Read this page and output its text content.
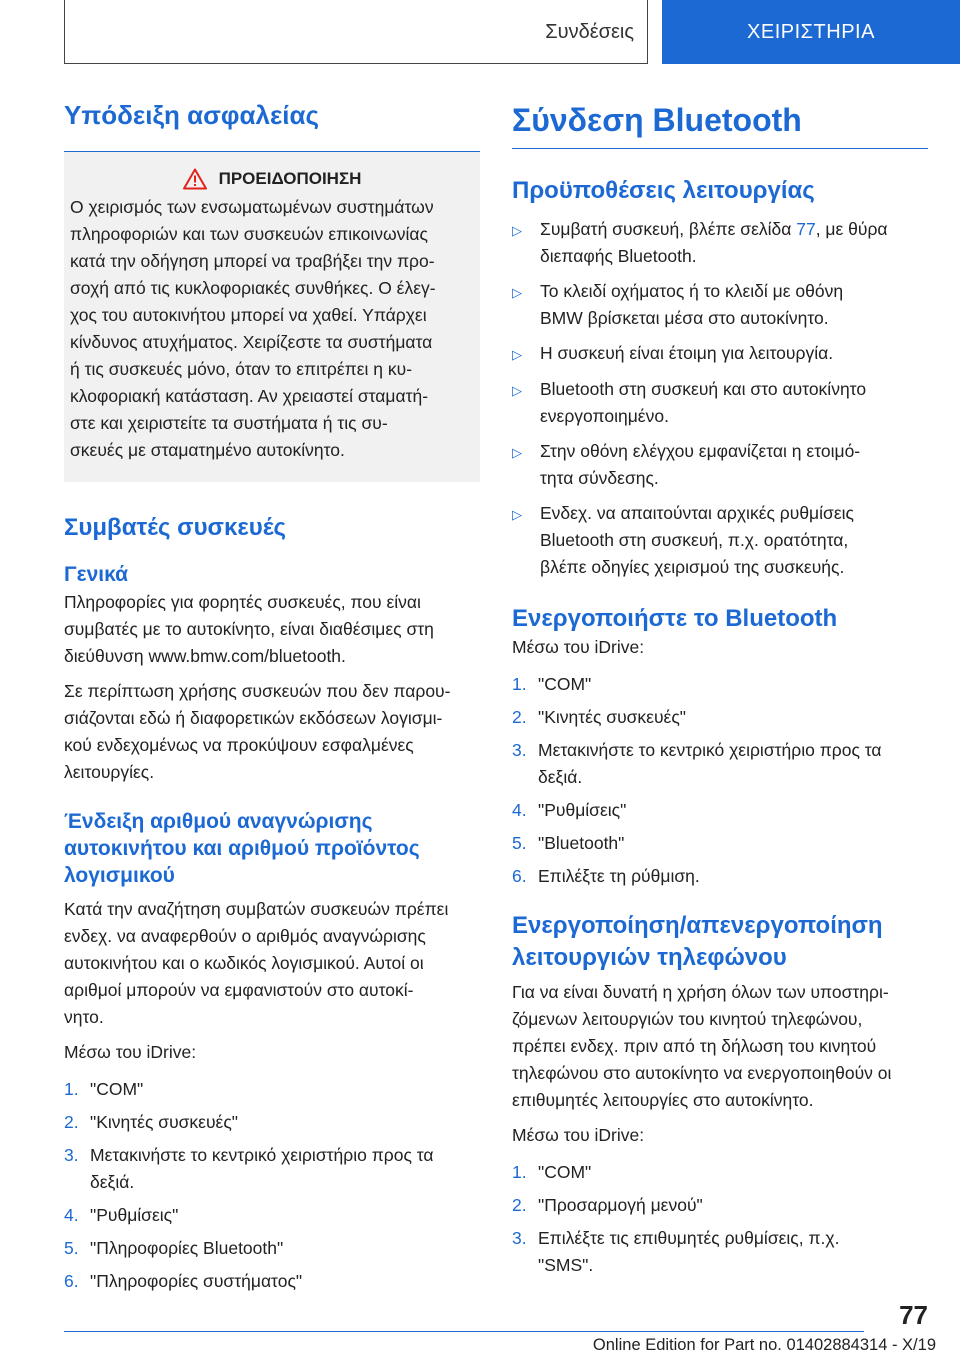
Συνδέσεις	ΧΕΙΡΙΣΤΗΡΙΑ
Υπόδειξη ασφαλείας
ΠΡΟΕΙΔΟΠΟΙΗΣΗ

Ο χειρισμός των ενσωματωμένων συστημάτων
πληροφοριών και των συσκευών επικοινωνίας
κατά την οδήγηση μπορεί να τραβήξει την προ-
σοχή από τις κυκλοφοριακές συνθήκες. Ο έλεγ-
χος του αυτοκινήτου μπορεί να χαθεί. Υπάρχει
κίνδυνος ατυχήματος. Χειρίζεστε τα συστήματα
ή τις συσκευές μόνο, όταν το επιτρέπει η κυ-
κλοφοριακή κατάσταση. Αν χρειαστεί σταματή-
στε και χειριστείτε τα συστήματα ή τις συ-
σκευές με σταματημένο αυτοκίνητο.

Συμβατές συσκευές
Γενικά

Πληροφορίες για φορητές συσκευές, που είναι
συμβατές με το αυτοκίνητο, είναι διαθέσιμες στη
διεύθυνση www.bmw.com/bluetooth.

Σε περίπτωση χρήσης συσκευών που δεν παρου-
σιάζονται εδώ ή διαφορετικών εκδόσεων λογισμι-
κού ενδεχομένως να προκύψουν εσφαλμένες
λειτουργίες.

Ένδειξη αριθμού αναγνώρισης
αυτοκινήτου και αριθμού προϊόντος
λογισμικού

Κατά την αναζήτηση συμβατών συσκευών πρέπει
ενδεχ. να αναφερθούν ο αριθμός αναγνώρισης
αυτοκινήτου και ο κωδικός λογισμικού. Αυτοί οι
αριθμοί μπορούν να εμφανιστούν στο αυτοκί-
νητο.

Μέσω του iDrive:

1. "COM"
2. "Κινητές συσκευές"
3. Μετακινήστε το κεντρικό χειριστήριο προς τα
δεξιά.
4. "Ρυθμίσεις"
5. "Πληροφορίες Bluetooth"
6. "Πληροφορίες συστήματος"
Σύνδεση Bluetooth
Προϋποθέσεις λειτουργίας
▷	Συμβατή συσκευή, βλέπε σελίδα 77, με θύρα
διεπαφής Bluetooth.
▷	Το κλειδί οχήματος ή το κλειδί με οθόνη
BMW βρίσκεται μέσα στο αυτοκίνητο.
▷	Η συσκευή είναι έτοιμη για λειτουργία.
▷	Bluetooth στη συσκευή και στο αυτοκίνητο
ενεργοποιημένο.
▷	Στην οθόνη ελέγχου εμφανίζεται η ετοιμό-
τητα σύνδεσης.
▷	Ενδεχ. να απαιτούνται αρχικές ρυθμίσεις
Bluetooth στη συσκευή, π.χ. ορατότητα,
βλέπε οδηγίες χειρισμού της συσκευής.
Ενεργοποιήστε το Bluetooth

Μέσω του iDrive:

1. "COM"
2. "Κινητές συσκευές"
3. Μετακινήστε το κεντρικό χειριστήριο προς τα
δεξιά.
4. "Ρυθμίσεις"
5. "Bluetooth"
6. Επιλέξτε τη ρύθμιση.
Ενεργοποίηση/απενεργοποίηση
λειτουργιών τηλεφώνου

Για να είναι δυνατή η χρήση όλων των υποστηρι-
ζόμενων λειτουργιών του κινητού τηλεφώνου,
πρέπει ενδεχ. πριν από τη δήλωση του κινητού
τηλεφώνου στο αυτοκίνητο να ενεργοποιηθούν οι
επιθυμητές λειτουργίες στο αυτοκίνητο.

Μέσω του iDrive:

1. "COM"
2. "Προσαρμογή μενού"
3. Επιλέξτε τις επιθυμητές ρυθμίσεις, π.χ.
"SMS".
77
Online Edition for Part no. 01402884314 - X/19
